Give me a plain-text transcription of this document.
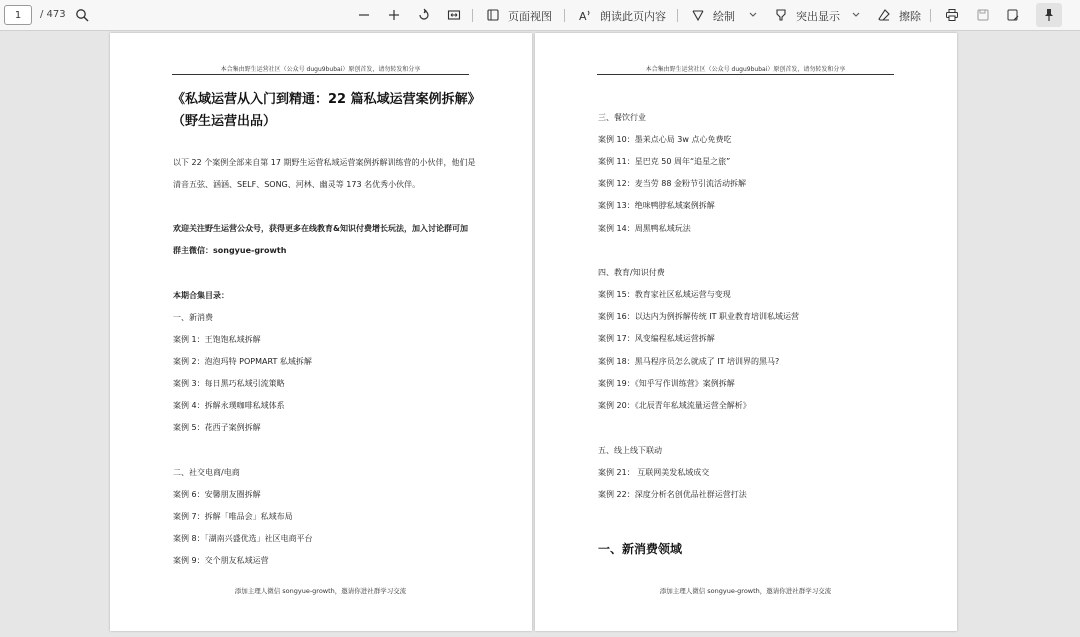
1	/ 473	页面视图 A 朗读此页内容	绘制	突出显示	擦除
本合集由野生运营社区（公众号 dugu9bubai）原创首发，请勿转发和分享
《私域运营从入门到精通：22 篇私域运营案例拆解》
（野生运营出品）
以下 22 个案例全部来自第 17 期野生运营私域运营案例拆解训练营的小伙伴，他们是
清音五弦、涵涵、SELF、SONG、河林、幽灵等 173 名优秀小伙伴。
欢迎关注野生运营公众号，获得更多在线教育&知识付费增长玩法，加入讨论群可加
群主微信：songyue-growth
本期合集目录：
一、新消费
案例 1：王饱饱私域拆解
案例 2：泡泡玛特 POPMART 私域拆解
案例 3：每日黑巧私域引流策略
案例 4：拆解永璞咖啡私域体系
案例 5：花西子案例拆解
二、社交电商/电商
案例 6：安馨朋友圈拆解
案例 7：拆解「唯品会」私域布局
案例 8：「湖南兴盛优选」社区电商平台
案例 9：交个朋友私域运营
添加主理人微信 songyue-growth，邀请你进社群学习交流
本合集由野生运营社区（公众号 dugu9bubai）原创首发，请勿转发和分享
三、餐饮行业
案例 10：墨茉点心局 3w 点心免费吃
案例 11：星巴克 50 周年“追星之旅”
案例 12：麦当劳 88 金粉节引流活动拆解
案例 13：绝味鸭脖私域案例拆解
案例 14：周黑鸭私域玩法
四、教育/知识付费
案例 15：教育家社区私域运营与变现
案例 16：以达内为例拆解传统 IT 职业教育培训私域运营
案例 17：风变编程私域运营拆解
案例 18：黑马程序员怎么就成了 IT 培训界的黑马?
案例 19：《知乎写作训练营》案例拆解
案例 20：《北辰青年私域流量运营全解析》
五、线上线下联动
案例 21： 互联网美发私域成交
案例 22：深度分析名创优品社群运营打法
一、新消费领域
添加主理人微信 songyue-growth，邀请你进社群学习交流
